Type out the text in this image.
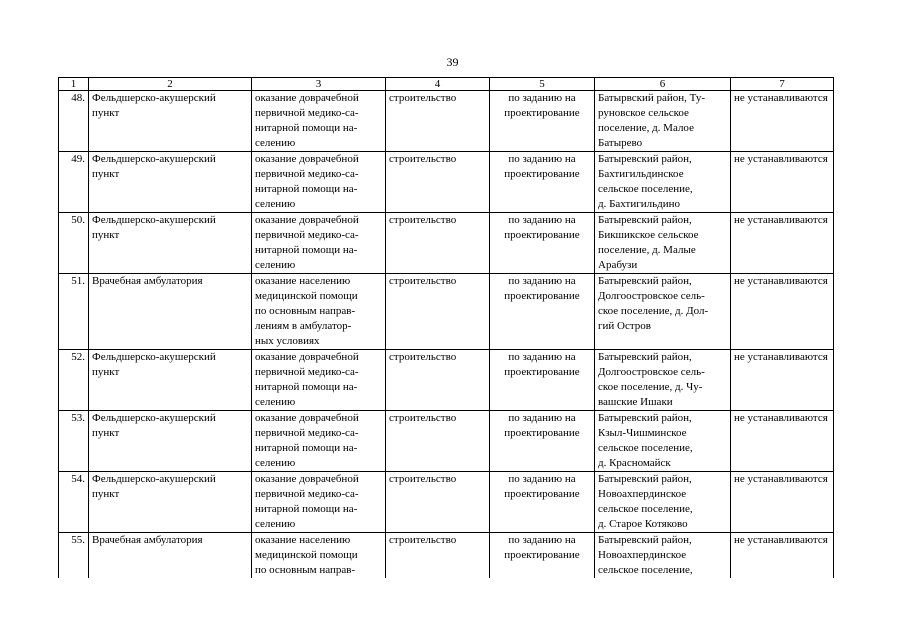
39
1	2	3	4	5	6	7
48.	Фельдшерско-акушерский
пункт	оказание доврачебной
первичной медико-са-
нитарной помощи на-
селению	строительство	по заданию на
проектирование	Батырвский район, Ту-
руновское сельское
поселение, д. Малое
Батырево	не устанавливаются
49.	Фельдшерско-акушерский
пункт	оказание доврачебной
первичной медико-са-
нитарной помощи на-
селению	строительство	по заданию на
проектирование	Батыревский район,
Бахтигильдинское
сельское поселение,
д. Бахтигильдино	не устанавливаются
50.	Фельдшерско-акушерский
пункт	оказание доврачебной
первичной медико-са-
нитарной помощи на-
селению	строительство	по заданию на
проектирование	Батыревский район,
Бикшикское сельское
поселение, д. Малые
Арабузи	не устанавливаются
51.	Врачебная амбулатория	оказание населению
медицинской помощи
по основным направ-
лениям в амбулатор-
ных условиях	строительство	по заданию на
проектирование	Батыревский район,
Долгоостровское сель-
ское поселение, д. Дол-
гий Остров	не устанавливаются
52.	Фельдшерско-акушерский
пункт	оказание доврачебной
первичной медико-са-
нитарной помощи на-
селению	строительство	по заданию на
проектирование	Батыревский район,
Долгоостровское сель-
ское поселение, д. Чу-
вашские Ишаки	не устанавливаются
53.	Фельдшерско-акушерский
пункт	оказание доврачебной
первичной медико-са-
нитарной помощи на-
селению	строительство	по заданию на
проектирование	Батыревский район,
Кзыл-Чишминское
сельское поселение,
д. Красномайск	не устанавливаются
54.	Фельдшерско-акушерский
пункт	оказание доврачебной
первичной медико-са-
нитарной помощи на-
селению	строительство	по заданию на
проектирование	Батыревский район,
Новоахпердинское
сельское поселение,
д. Старое Котяково	не устанавливаются
55.	Врачебная амбулатория	оказание населению
медицинской помощи
по основным направ-	строительство	по заданию на
проектирование	Батыревский район,
Новоахпердинское
сельское поселение,	не устанавливаются
